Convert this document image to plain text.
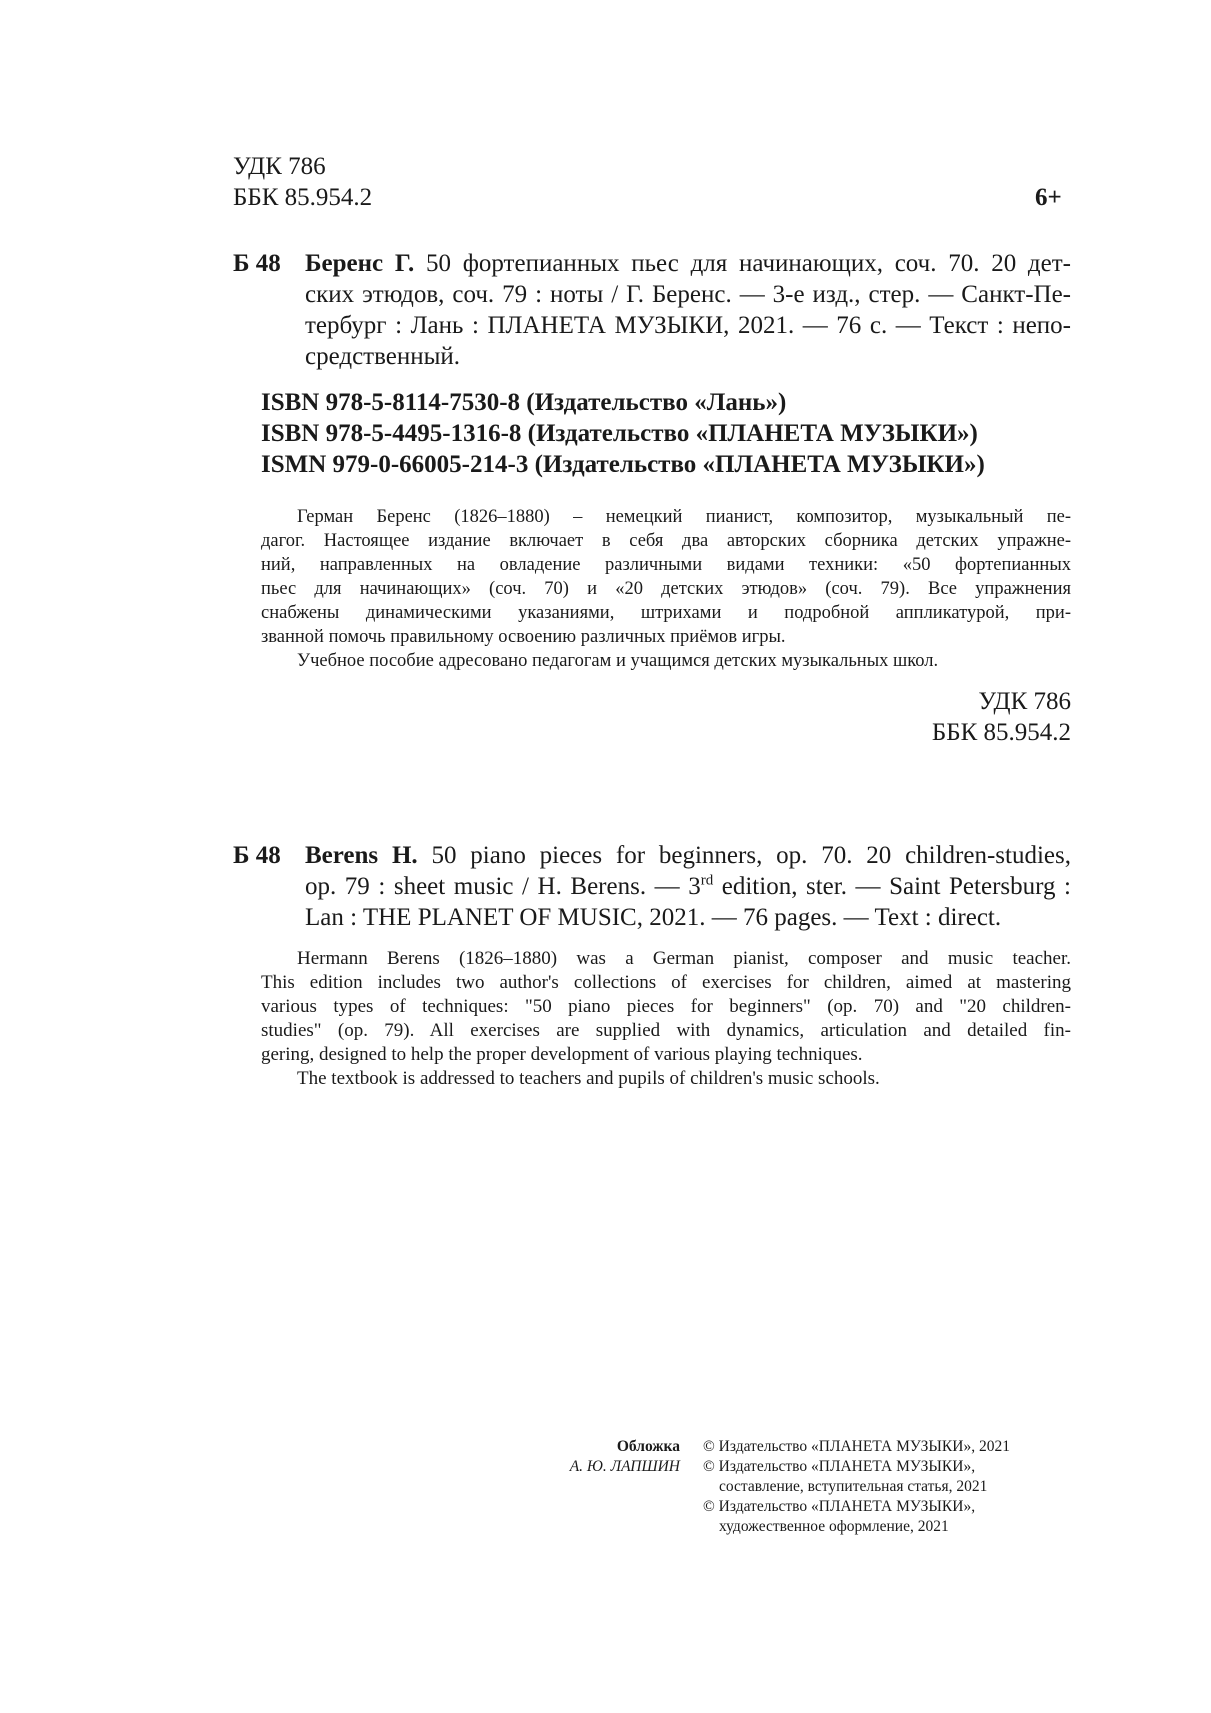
УДК 786
ББК 85.954.2	6+
Б 48 Беренс Г. 50 фортепианных пьес для начинающих, соч. 70. 20 дет-
ских этюдов, соч. 79 : ноты / Г. Беренс. — 3-е изд., стер. — Санкт-Пе-
тербург : Лань : ПЛАНЕТА МУЗЫКИ, 2021. — 76 с. — Текст : непо-
средственный.
ISBN 978-5-8114-7530-8 (Издательство «Лань»)
ISBN 978-5-4495-1316-8 (Издательство «ПЛАНЕТА МУЗЫКИ»)
ISMN 979-0-66005-214-3 (Издательство «ПЛАНЕТА МУЗЫКИ»)
Герман Беренс (1826–1880) – немецкий пианист, композитор, музыкальный пе-
дагог. Настоящее издание включает в себя два авторских сборника детских упражне-
ний, направленных на овладение различными видами техники: «50 фортепианных
пьес для начинающих» (соч. 70) и «20 детских этюдов» (соч. 79). Все упражнения
снабжены динамическими указаниями, штрихами и подробной аппликатурой, при-
званной помочь правильному освоению различных приёмов игры.
Учебное пособие адресовано педагогам и учащимся детских музыкальных школ.
УДК 786
ББК 85.954.2
Б 48 Berens H. 50 piano pieces for beginners, op. 70. 20 children-studies,
op. 79 : sheet music / H. Berens. — 3rd edition, ster. — Saint Petersburg :
Lan : THE PLANET OF MUSIC, 2021. — 76 pages. — Text : direct.
Hermann Berens (1826–1880) was a German pianist, composer and music teacher.
This edition includes two author's collections of exercises for children, aimed at mastering
various types of techniques: "50 piano pieces for beginners" (op. 70) and "20 children-
studies" (op. 79). All exercises are supplied with dynamics, articulation and detailed fin-
gering, designed to help the proper development of various playing techniques.
The textbook is addressed to teachers and pupils of children's music schools.
Обложка
А. Ю. ЛАПШИН
© Издательство «ПЛАНЕТА МУЗЫКИ», 2021
© Издательство «ПЛАНЕТА МУЗЫКИ»,
составление, вступительная статья, 2021
© Издательство «ПЛАНЕТА МУЗЫКИ»,
художественное оформление, 2021
